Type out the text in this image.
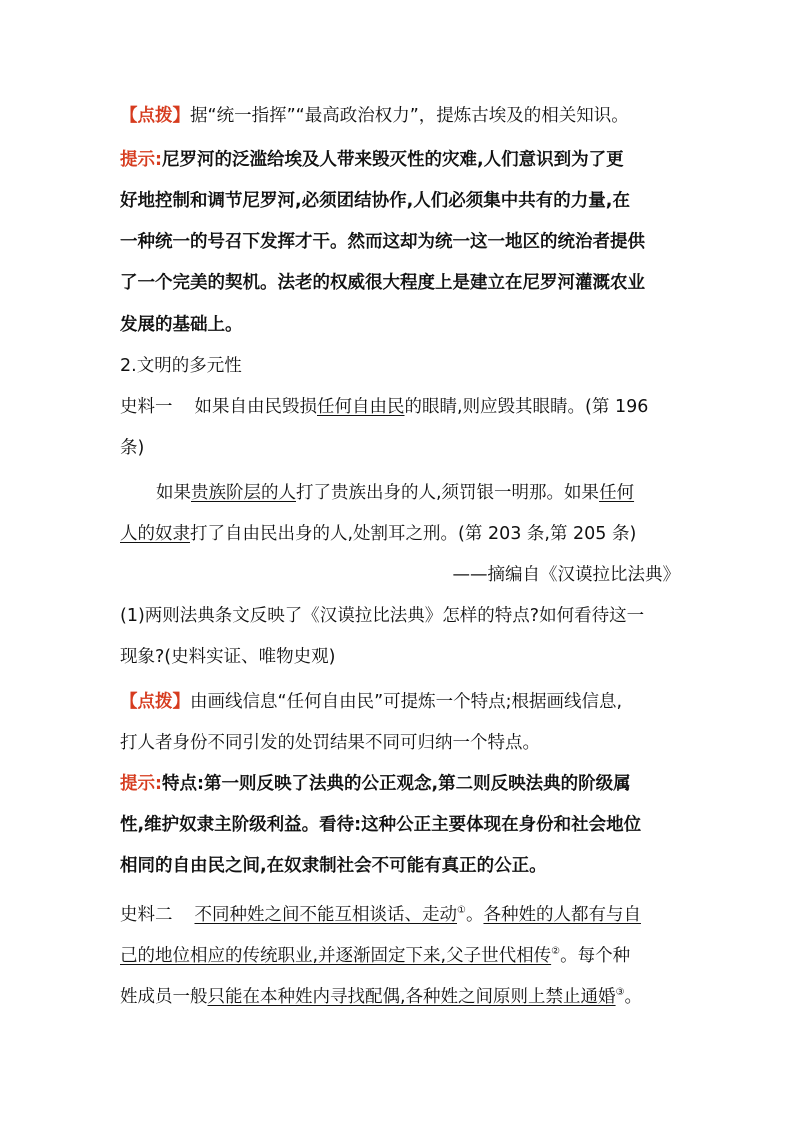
【点拨】据“统一指挥”“最高政治权力”，提炼古埃及的相关知识。
提示:尼罗河的泛滥给埃及人带来毁灭性的灾难,人们意识到为了更
好地控制和调节尼罗河,必须团结协作,人们必须集中共有的力量,在
一种统一的号召下发挥才干。然而这却为统一这一地区的统治者提供
了一个完美的契机。法老的权威很大程度上是建立在尼罗河灌溉农业
发展的基础上。
2.文明的多元性
史料一 如果自由民毁损任何自由民的眼睛,则应毁其眼睛。(第 196
条)
如果贵族阶层的人打了贵族出身的人,须罚银一明那。如果任何
人的奴隶打了自由民出身的人,处割耳之刑。(第 203 条,第 205 条)
——摘编自《汉谟拉比法典》
(1)两则法典条文反映了《汉谟拉比法典》怎样的特点?如何看待这一
现象?(史料实证、唯物史观)
【点拨】由画线信息“任何自由民”可提炼一个特点;根据画线信息,
打人者身份不同引发的处罚结果不同可归纳一个特点。
提示:特点:第一则反映了法典的公正观念,第二则反映法典的阶级属
性,维护奴隶主阶级利益。看待:这种公正主要体现在身份和社会地位
相同的自由民之间,在奴隶制社会不可能有真正的公正。
史料二 不同种姓之间不能互相谈话、走动①。各种姓的人都有与自
己的地位相应的传统职业,并逐渐固定下来,父子世代相传②。每个种
姓成员一般只能在本种姓内寻找配偶,各种姓之间原则上禁止通婚③。
